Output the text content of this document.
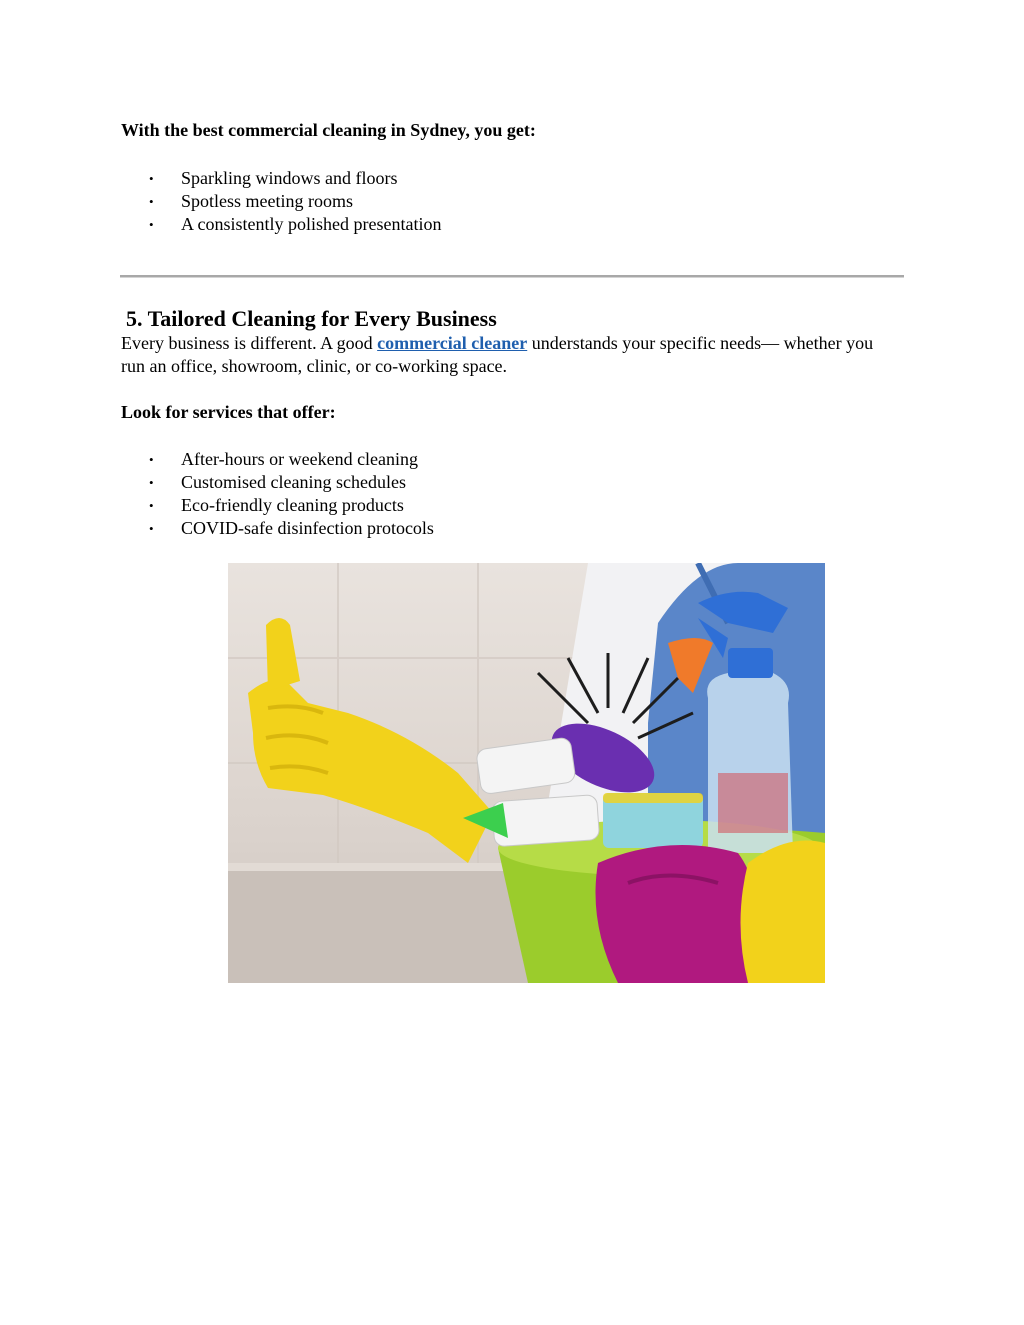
With the best commercial cleaning in Sydney, you get:

• Sparkling windows and floors
• Spotless meeting rooms
• A consistently polished presentation
5. Tailored Cleaning for Every Business

Every business is different. A good commercial cleaner understands your specific needs— whether you run an office, showroom, clinic, or co-working space.

Look for services that offer:

• After-hours or weekend cleaning
• Customised cleaning schedules
• Eco-friendly cleaning products
• COVID-safe disinfection protocols
